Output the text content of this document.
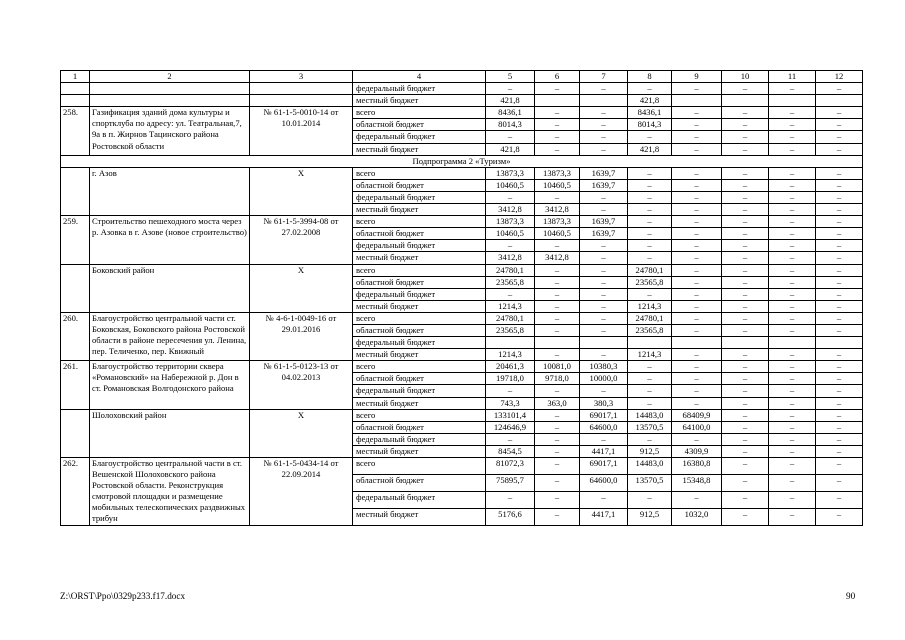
1	2	3	4	5	6	7	8	9	10	11	12
			федеральный бюджет	–	–	–	–	–	–	–	–
			местный бюджет	421,8			421,8				
258.	Газификация зданий дома культуры и спортклуба по адресу: ул. Театральная,7, 9а в п. Жирнов Тацинского района Ростовской области	№ 61-1-5-0010-14 от 10.01.2014	всего	8436,1	–	–	8436,1	–	–	–	–
			областной бюджет	8014,3	–	–	8014,3	–	–	–	–
			федеральный бюджет	–	–	–	–	–	–	–	–
			местный бюджет	421,8	–	–	421,8	–	–	–	–
Подпрограмма 2 «Туризм»											
	г. Азов	Х	всего	13873,3	13873,3	1639,7	–	–	–	–	–
			областной бюджет	10460,5	10460,5	1639,7	–	–	–	–	–
			федеральный бюджет	–	–	–	–	–	–	–	–
			местный бюджет	3412,8	3412,8	–	–	–	–	–	–
259.	Строительство пешеходного моста через р. Азовка в г. Азове (новое строительство)	№ 61-1-5-3994-08 от 27.02.2008	всего	13873,3	13873,3	1639,7	–	–	–	–	–
			областной бюджет	10460,5	10460,5	1639,7	–	–	–	–	–
			федеральный бюджет	–	–	–	–	–	–	–	–
			местный бюджет	3412,8	3412,8	–	–	–	–	–	–
	Боковский район	Х	всего	24780,1	–	–	24780,1	–	–	–	–
			областной бюджет	23565,8	–	–	23565,8	–	–	–	–
			федеральный бюджет	–	–	–	–	–	–	–	–
			местный бюджет	1214,3	–	–	1214,3	–	–	–	–
260.	Благоустройство центральной части ст. Боковская, Боковского района Ростовской области в районе пересечения ул. Ленина, пер. Теличенко, пер. Квижный	№ 4-6-1-0049-16 от 29.01.2016	всего	24780,1	–	–	24780,1	–	–	–	–
			областной бюджет	23565,8	–	–	23565,8	–	–	–	–
			федеральный бюджет								
			местный бюджет	1214,3	–	–	1214,3	–	–	–	–
261.	Благоустройство территории сквера «Романовский» на Набережной р. Дон в ст. Романовская Волгодонского района	№ 61-1-5-0123-13 от 04.02.2013	всего	20461,3	10081,0	10380,3	–	–	–	–	–
			областной бюджет	19718,0	9718,0	10000,0	–	–	–	–	–
			федеральный бюджет	–	–	–	–	–	–	–	–
			местный бюджет	743,3	363,0	380,3	–	–	–	–	–
	Шолоховский район	Х	всего	133101,4	–	69017,1	14483,0	68409,9	–	–	–
			областной бюджет	124646,9	–	64600,0	13570,5	64100,0	–	–	–
			федеральный бюджет	–	–	–	–	–	–	–	–
			местный бюджет	8454,5	–	4417,1	912,5	4309,9	–	–	–
262.	Благоустройство центральной части в ст. Вешенской Шолоховского района Ростовской области. Реконструкция смотровой площадки и размещение мобильных телескопических раздвижных трибун	№ 61-1-5-0434-14 от 22.09.2014	всего	81072,3	–	69017,1	14483,0	16380,8	–	–	–
			областной бюджет	75895,7	–	64600,0	13570,5	15348,8	–	–	–
			федеральный бюджет	–	–	–	–	–	–	–	–
			местный бюджет	5176,6	–	4417,1	912,5	1032,0	–	–	–
Z:\ORST\Ppo\0329p233.f17.docx	90
